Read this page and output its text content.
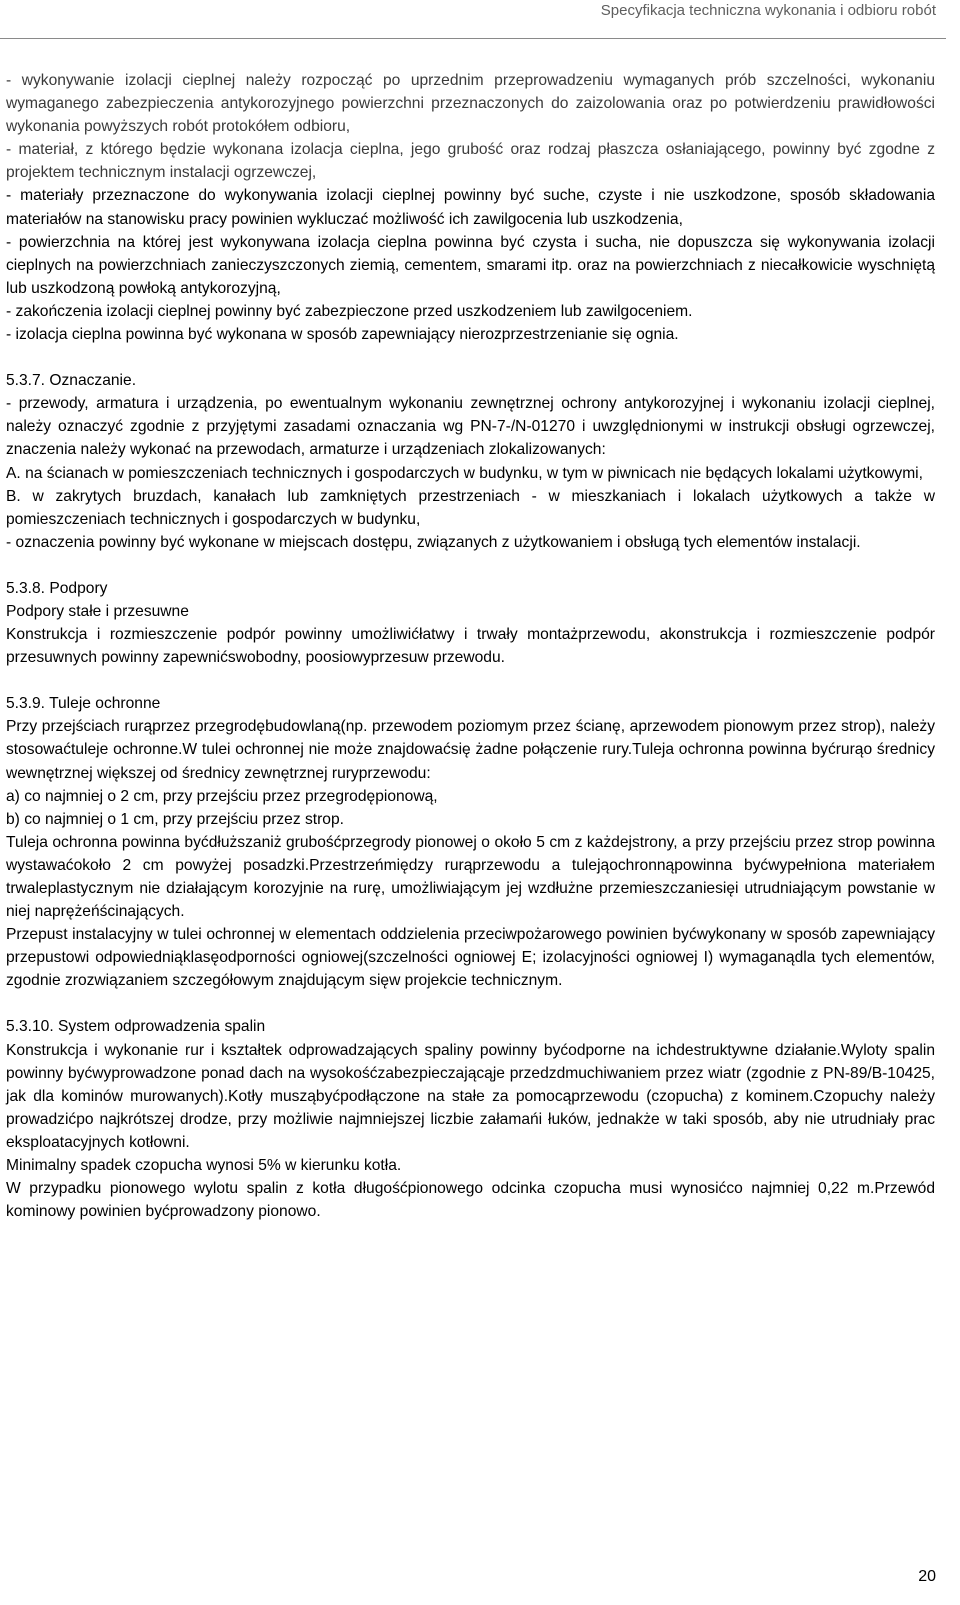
Specyfikacja techniczna wykonania i odbioru robót

- wykonywanie izolacji cieplnej należy rozpocząć po uprzednim przeprowadzeniu wymaganych prób szczelności, wykonaniu wymaganego zabezpieczenia antykorozyjnego powierzchni przeznaczonych do zaizolowania oraz po potwierdzeniu prawidłowości wykonania powyższych robót protokółem odbioru,

- materiał, z którego będzie wykonana izolacja cieplna, jego grubość oraz rodzaj płaszcza osłaniającego, powinny być zgodne z projektem technicznym instalacji ogrzewczej,

- materiały przeznaczone do wykonywania izolacji cieplnej powinny być suche, czyste i nie uszkodzone, sposób składowania materiałów na stanowisku pracy powinien wykluczać możliwość ich zawilgocenia lub uszkodzenia,

- powierzchnia na której jest wykonywana izolacja cieplna powinna być czysta i sucha, nie dopuszcza się wykonywania izolacji cieplnych na powierzchniach zanieczyszczonych ziemią, cementem, smarami itp. oraz na powierzchniach z niecałkowicie wyschniętą lub uszkodzoną powłoką antykorozyjną,

- zakończenia izolacji cieplnej powinny być zabezpieczone przed uszkodzeniem lub zawilgoceniem.

- izolacja cieplna powinna być wykonana w sposób zapewniający nierozprzestrzenianie się ognia.

5.3.7. Oznaczanie.

- przewody, armatura i urządzenia, po ewentualnym wykonaniu zewnętrznej ochrony antykorozyjnej i wykonaniu izolacji cieplnej, należy oznaczyć zgodnie z przyjętymi zasadami oznaczania wg PN-7-/N-01270 i uwzględnionymi w instrukcji obsługi ogrzewczej, znaczenia należy wykonać na przewodach, armaturze i urządzeniach zlokalizowanych:

A. na ścianach w pomieszczeniach technicznych i gospodarczych w budynku, w tym w piwnicach nie będących lokalami użytkowymi,

B. w zakrytych bruzdach, kanałach lub zamkniętych przestrzeniach - w mieszkaniach i lokalach użytkowych a także w pomieszczeniach technicznych i gospodarczych w budynku,

- oznaczenia powinny być wykonane w miejscach dostępu, związanych z użytkowaniem i obsługą tych elementów instalacji.

5.3.8. Podpory

Podpory stałe i przesuwne

Konstrukcja i rozmieszczenie podpór powinny umożliwićłatwy i trwały montażprzewodu, akonstrukcja i rozmieszczenie podpór przesuwnych powinny zapewnićswobodny, poosiowyprzesuw przewodu.

5.3.9. Tuleje ochronne

Przy przejściach rurąprzez przegrodębudowlaną(np. przewodem poziomym przez ścianę, aprzewodem pionowym przez strop), należy stosowaćtuleje ochronne.W tulei ochronnej nie może znajdowaćsię żadne połączenie rury.Tuleja ochronna powinna byćrurąo średnicy wewnętrznej większej od średnicy zewnętrznej ruryprzewodu:

a) co najmniej o 2 cm, przy przejściu przez przegrodępionową,

b) co najmniej o 1 cm, przy przejściu przez strop.

Tuleja ochronna powinna byćdłuższaniż grubośćprzegrody pionowej o około 5 cm z każdejstrony, a przy przejściu przez strop powinna wystawaćokoło 2 cm powyżej posadzki.Przestrzeńmiędzy rurąprzewodu a tulejąochronnąpowinna byćwypełniona materiałem trwaleplastycznym nie działającym korozyjnie na rurę, umożliwiającym jej wzdłużne przemieszczaniesięi utrudniającym powstanie w niej naprężeńścinających.

Przepust instalacyjny w tulei ochronnej w elementach oddzielenia przeciwpożarowego powinien byćwykonany w sposób zapewniający przepustowi odpowiedniąklasęodporności ogniowej(szczelności ogniowej E; izolacyjności ogniowej I) wymaganądla tych elementów, zgodnie zrozwiązaniem szczegółowym znajdującym sięw projekcie technicznym.

5.3.10. System odprowadzenia spalin

Konstrukcja i wykonanie rur i kształtek odprowadzających spaliny powinny byćodporne na ichdestruktywne działanie.Wyloty spalin powinny byćwyprowadzone ponad dach na wysokośćzabezpieczającąje przedzdmuchiwaniem przez wiatr (zgodnie z PN-89/B-10425, jak dla kominów murowanych).Kotły musząbyćpodłączone na stałe za pomocąprzewodu (czopucha) z kominem.Czopuchy należy prowadzićpo najkrótszej drodze, przy możliwie najmniejszej liczbie załamańi łuków, jednakże w taki sposób, aby nie utrudniały prac eksploatacyjnych kotłowni.

Minimalny spadek czopucha wynosi 5% w kierunku kotła.

W przypadku pionowego wylotu spalin z kotła długośćpionowego odcinka czopucha musi wynosićco najmniej 0,22 m.Przewód kominowy powinien byćprowadzony pionowo.

20
